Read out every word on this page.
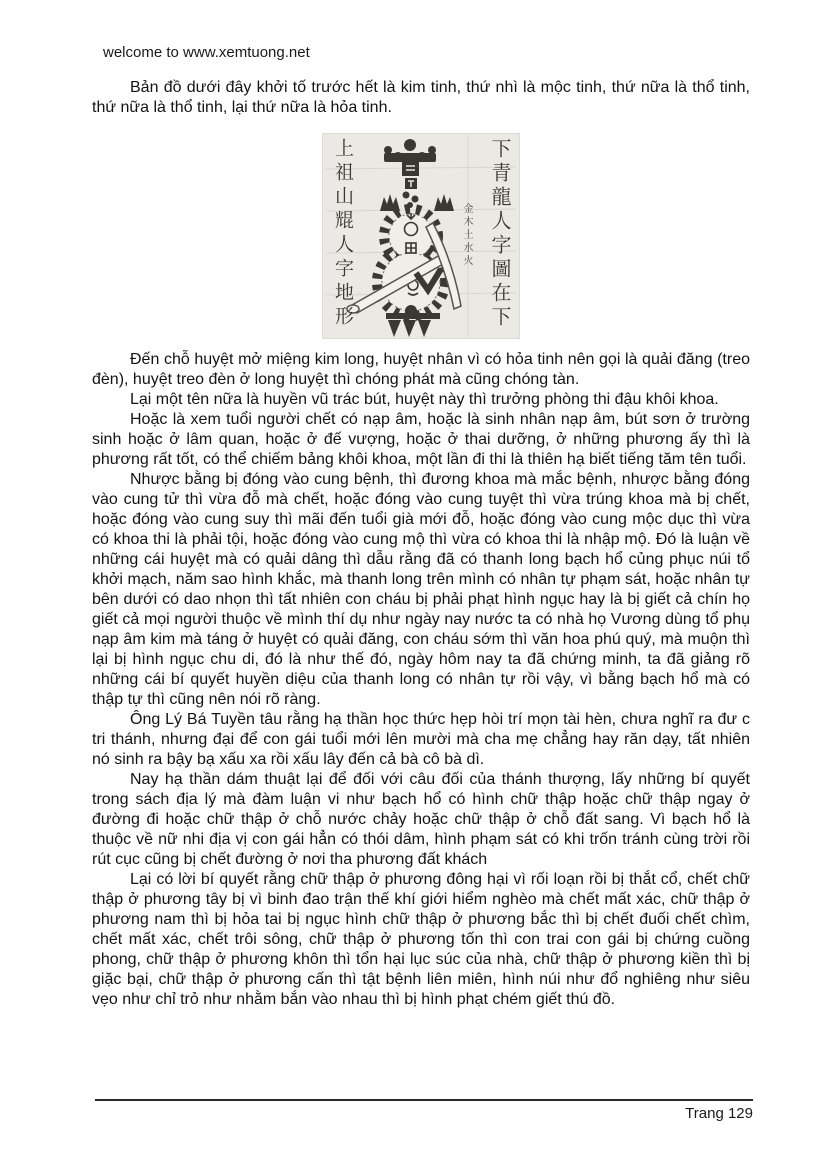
welcome to www.xemtuong.net
Bản đồ dưới đây khởi tố trước hết là kim tinh, thứ nhì là mộc tinh, thứ nữa là thổ tinh, thứ nữa là thổ tinh, lại thứ nữa là hỏa tinh.
上祖山尡人字地形	下青龍人字圖在下
金木土水火

Đến chỗ huyệt mở miệng kim long, huyệt nhân vì có hỏa tinh nên gọi là quải đăng (treo đèn), huyệt treo đèn ở long huyệt thì chóng phát mà cũng chóng tàn.

Lại một tên nữa là huyền vũ trác bút, huyệt này thì trưởng phòng thi đậu khôi khoa.

Hoặc là xem tuổi người chết có nạp âm, hoặc là sinh nhân nạp âm, bút sơn ở trường sinh hoặc ở lâm quan, hoặc ở đế vượng, hoặc ở thai dưỡng, ở những phương ấy thì là phương rất tốt, có thể chiếm bảng khôi khoa, một lần đi thi là thiên hạ biết tiếng tăm tên tuổi.

Nhược bằng bị đóng vào cung bệnh, thì đương khoa mà mắc bệnh, nhược bằng đóng vào cung tử thì vừa đỗ mà chết, hoặc đóng vào cung tuyệt thì vừa trúng khoa mà bị chết, hoặc đóng vào cung suy thì mãi đến tuổi già mới đỗ, hoặc đóng vào cung mộc dục thì vừa có khoa thi là phải tội, hoặc đóng vào cung mộ thì vừa có khoa thi là nhập mộ. Đó là luận về những cái huyệt mà có quải dâng thì dẫu rằng đã có thanh long bạch hổ củng phục núi tổ khởi mạch, năm sao hình khắc, mà thanh long trên mình có nhân tự phạm sát, hoặc nhân tự bên dưới có dao nhọn thì tất nhiên con cháu bị phải phạt hình ngục hay là bị giết cả chín họ giết cả mọi người thuộc về mình thí dụ như ngày nay nước ta có nhà họ Vương dùng tổ phụ nạp âm kim mà táng ở huyệt có quải đăng, con cháu sớm thì văn hoa phú quý, mà muộn thì lại bị hình ngục chu di, đó là như thế đó, ngày hôm nay ta đã chứng minh, ta đã giảng rõ những cái bí quyết huyền diệu của thanh long có nhân tự rồi vậy, vì bằng bạch hổ mà có thập tự thì cũng nên nói rõ ràng.

Ông Lý Bá Tuyền tâu rằng hạ thần học thức hẹp hòi trí mọn tài hèn, chưa nghĩ ra đư c tri thánh, nhưng đại để con gái tuổi mới lên mười mà cha mẹ chẳng hay răn dạy, tất nhiên nó sinh ra bậy bạ xấu xa rồi xấu lây đến cả bà cô bà dì.

Nay hạ thần dám thuật lại để đối với câu đối của thánh thượng, lấy những bí quyết trong sách địa lý mà đàm luận vi như bạch hổ có hình chữ thập hoặc chữ thập ngay ở đường đi hoặc chữ thập ở chỗ nước chảy hoặc chữ thập ở chỗ đất sang. Vì bạch hổ là thuộc về nữ nhi địa vị con gái hẳn có thói dâm, hình phạm sát có khi trốn tránh cùng trời rồi rút cục cũng bị chết đường ở nơi tha phương đất khách

Lại có lời bí quyết rằng chữ thập ở phương đông hại vì rối loạn rồi bị thắt cổ, chết chữ thập ở phương tây bị vì binh đao trận thế khí giới hiểm nghèo mà chết mất xác, chữ thập ở phương nam thì bị hỏa tai bị ngục hình chữ thập ở phương bắc thì bị chết đuối chết chìm, chết mất xác, chết trôi sông, chữ thập ở phương tốn thì con trai con gái bị chứng cuồng phong, chữ thập ở phương khôn thì tổn hại lục súc của nhà, chữ thập ở phương kiền thì bị giặc bại, chữ thập ở phương cấn thì tật bệnh liên miên, hình núi như đổ nghiêng như siêu vẹo như chỉ trỏ như nhằm bắn vào nhau thì bị hình phạt chém giết thú đồ.

Trang 129
